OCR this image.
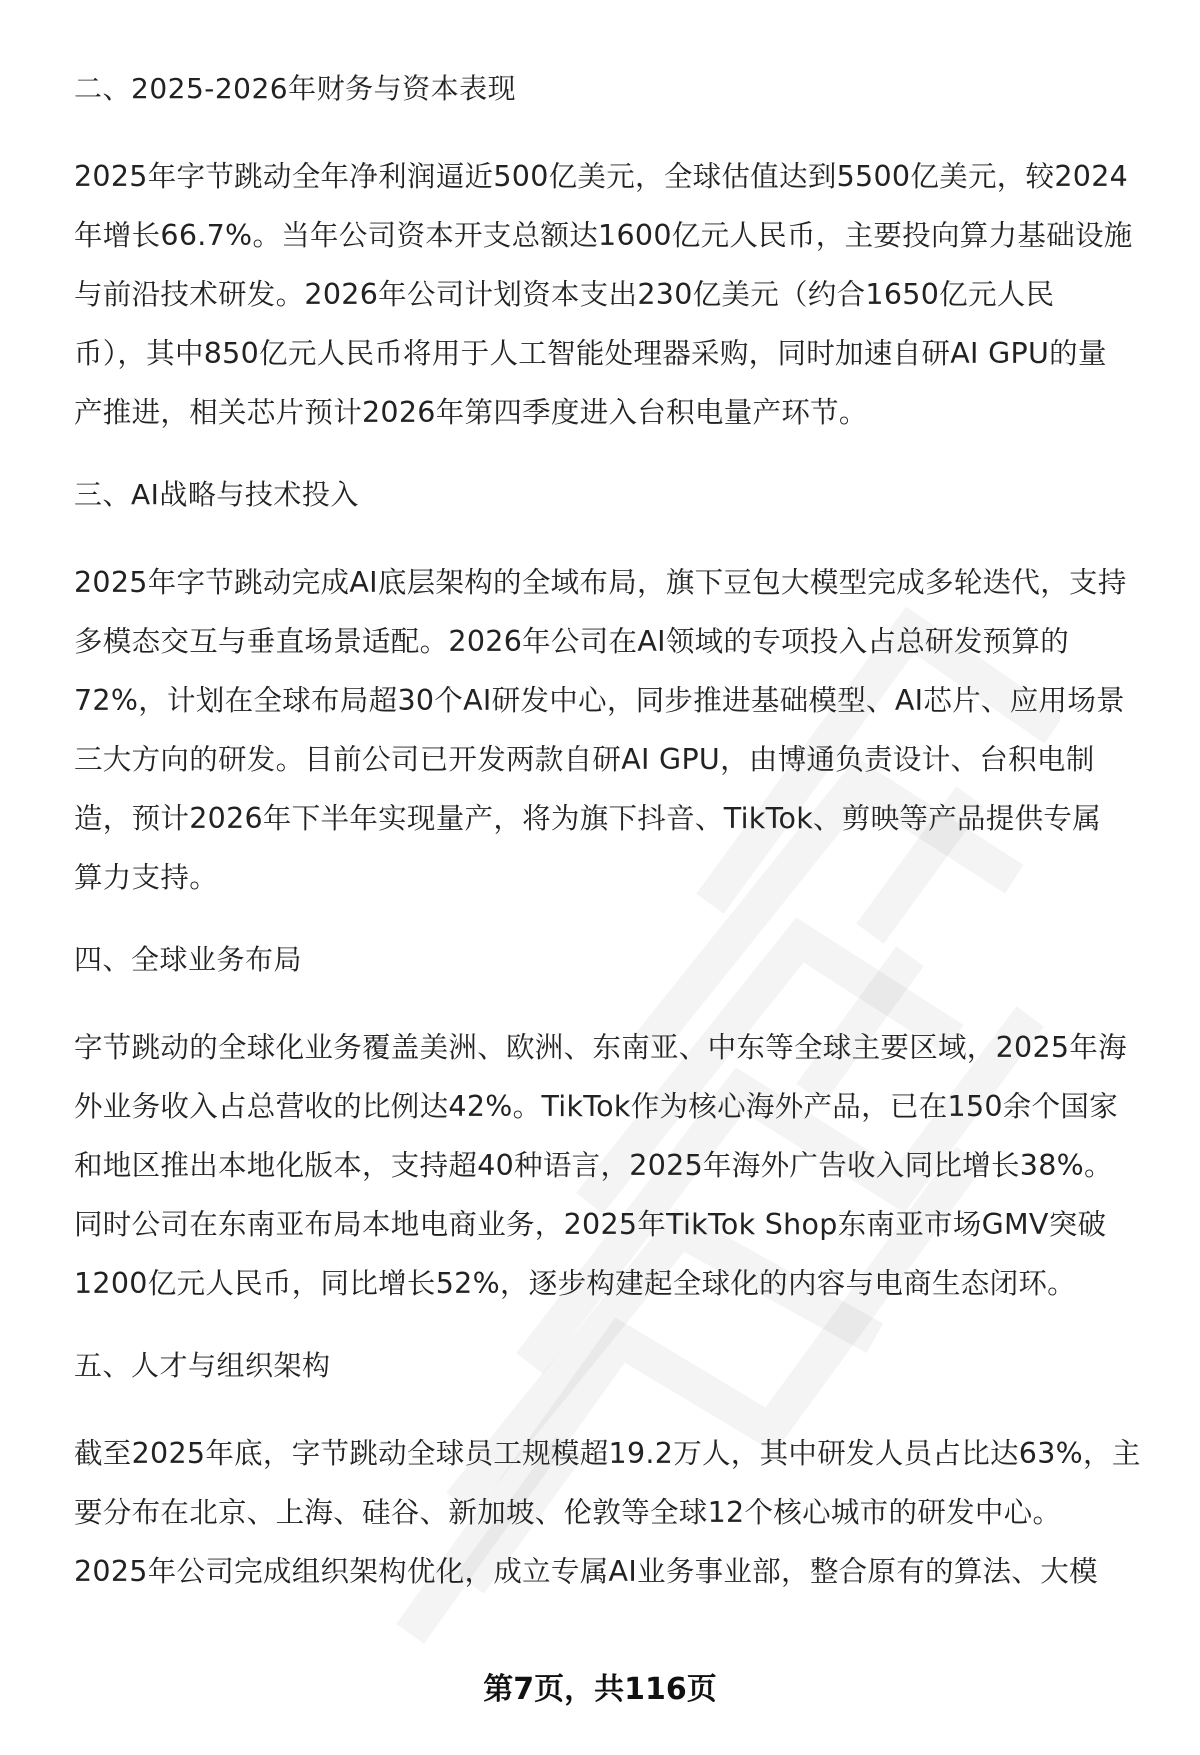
二、2025-2026年财务与资本表现
2025年字节跳动全年净利润逼近500亿美元，全球估值达到5500亿美元，较2024
年增长66.7%。当年公司资本开支总额达1600亿元人民币，主要投向算力基础设施
与前沿技术研发。2026年公司计划资本支出230亿美元（约合1650亿元人民
币），其中850亿元人民币将用于人工智能处理器采购，同时加速自研AI GPU的量
产推进，相关芯片预计2026年第四季度进入台积电量产环节。
三、AI战略与技术投入
2025年字节跳动完成AI底层架构的全域布局，旗下豆包大模型完成多轮迭代，支持
多模态交互与垂直场景适配。2026年公司在AI领域的专项投入占总研发预算的
72%，计划在全球布局超30个AI研发中心，同步推进基础模型、AI芯片、应用场景
三大方向的研发。目前公司已开发两款自研AI GPU，由博通负责设计、台积电制
造，预计2026年下半年实现量产，将为旗下抖音、TikTok、剪映等产品提供专属
算力支持。
四、全球业务布局
字节跳动的全球化业务覆盖美洲、欧洲、东南亚、中东等全球主要区域，2025年海
外业务收入占总营收的比例达42%。TikTok作为核心海外产品，已在150余个国家
和地区推出本地化版本，支持超40种语言，2025年海外广告收入同比增长38%。
同时公司在东南亚布局本地电商业务，2025年TikTok Shop东南亚市场GMV突破
1200亿元人民币，同比增长52%，逐步构建起全球化的内容与电商生态闭环。
五、人才与组织架构
截至2025年底，字节跳动全球员工规模超19.2万人，其中研发人员占比达63%，主
要分布在北京、上海、硅谷、新加坡、伦敦等全球12个核心城市的研发中心。
2025年公司完成组织架构优化，成立专属AI业务事业部，整合原有的算法、大模
第7页，共116页
